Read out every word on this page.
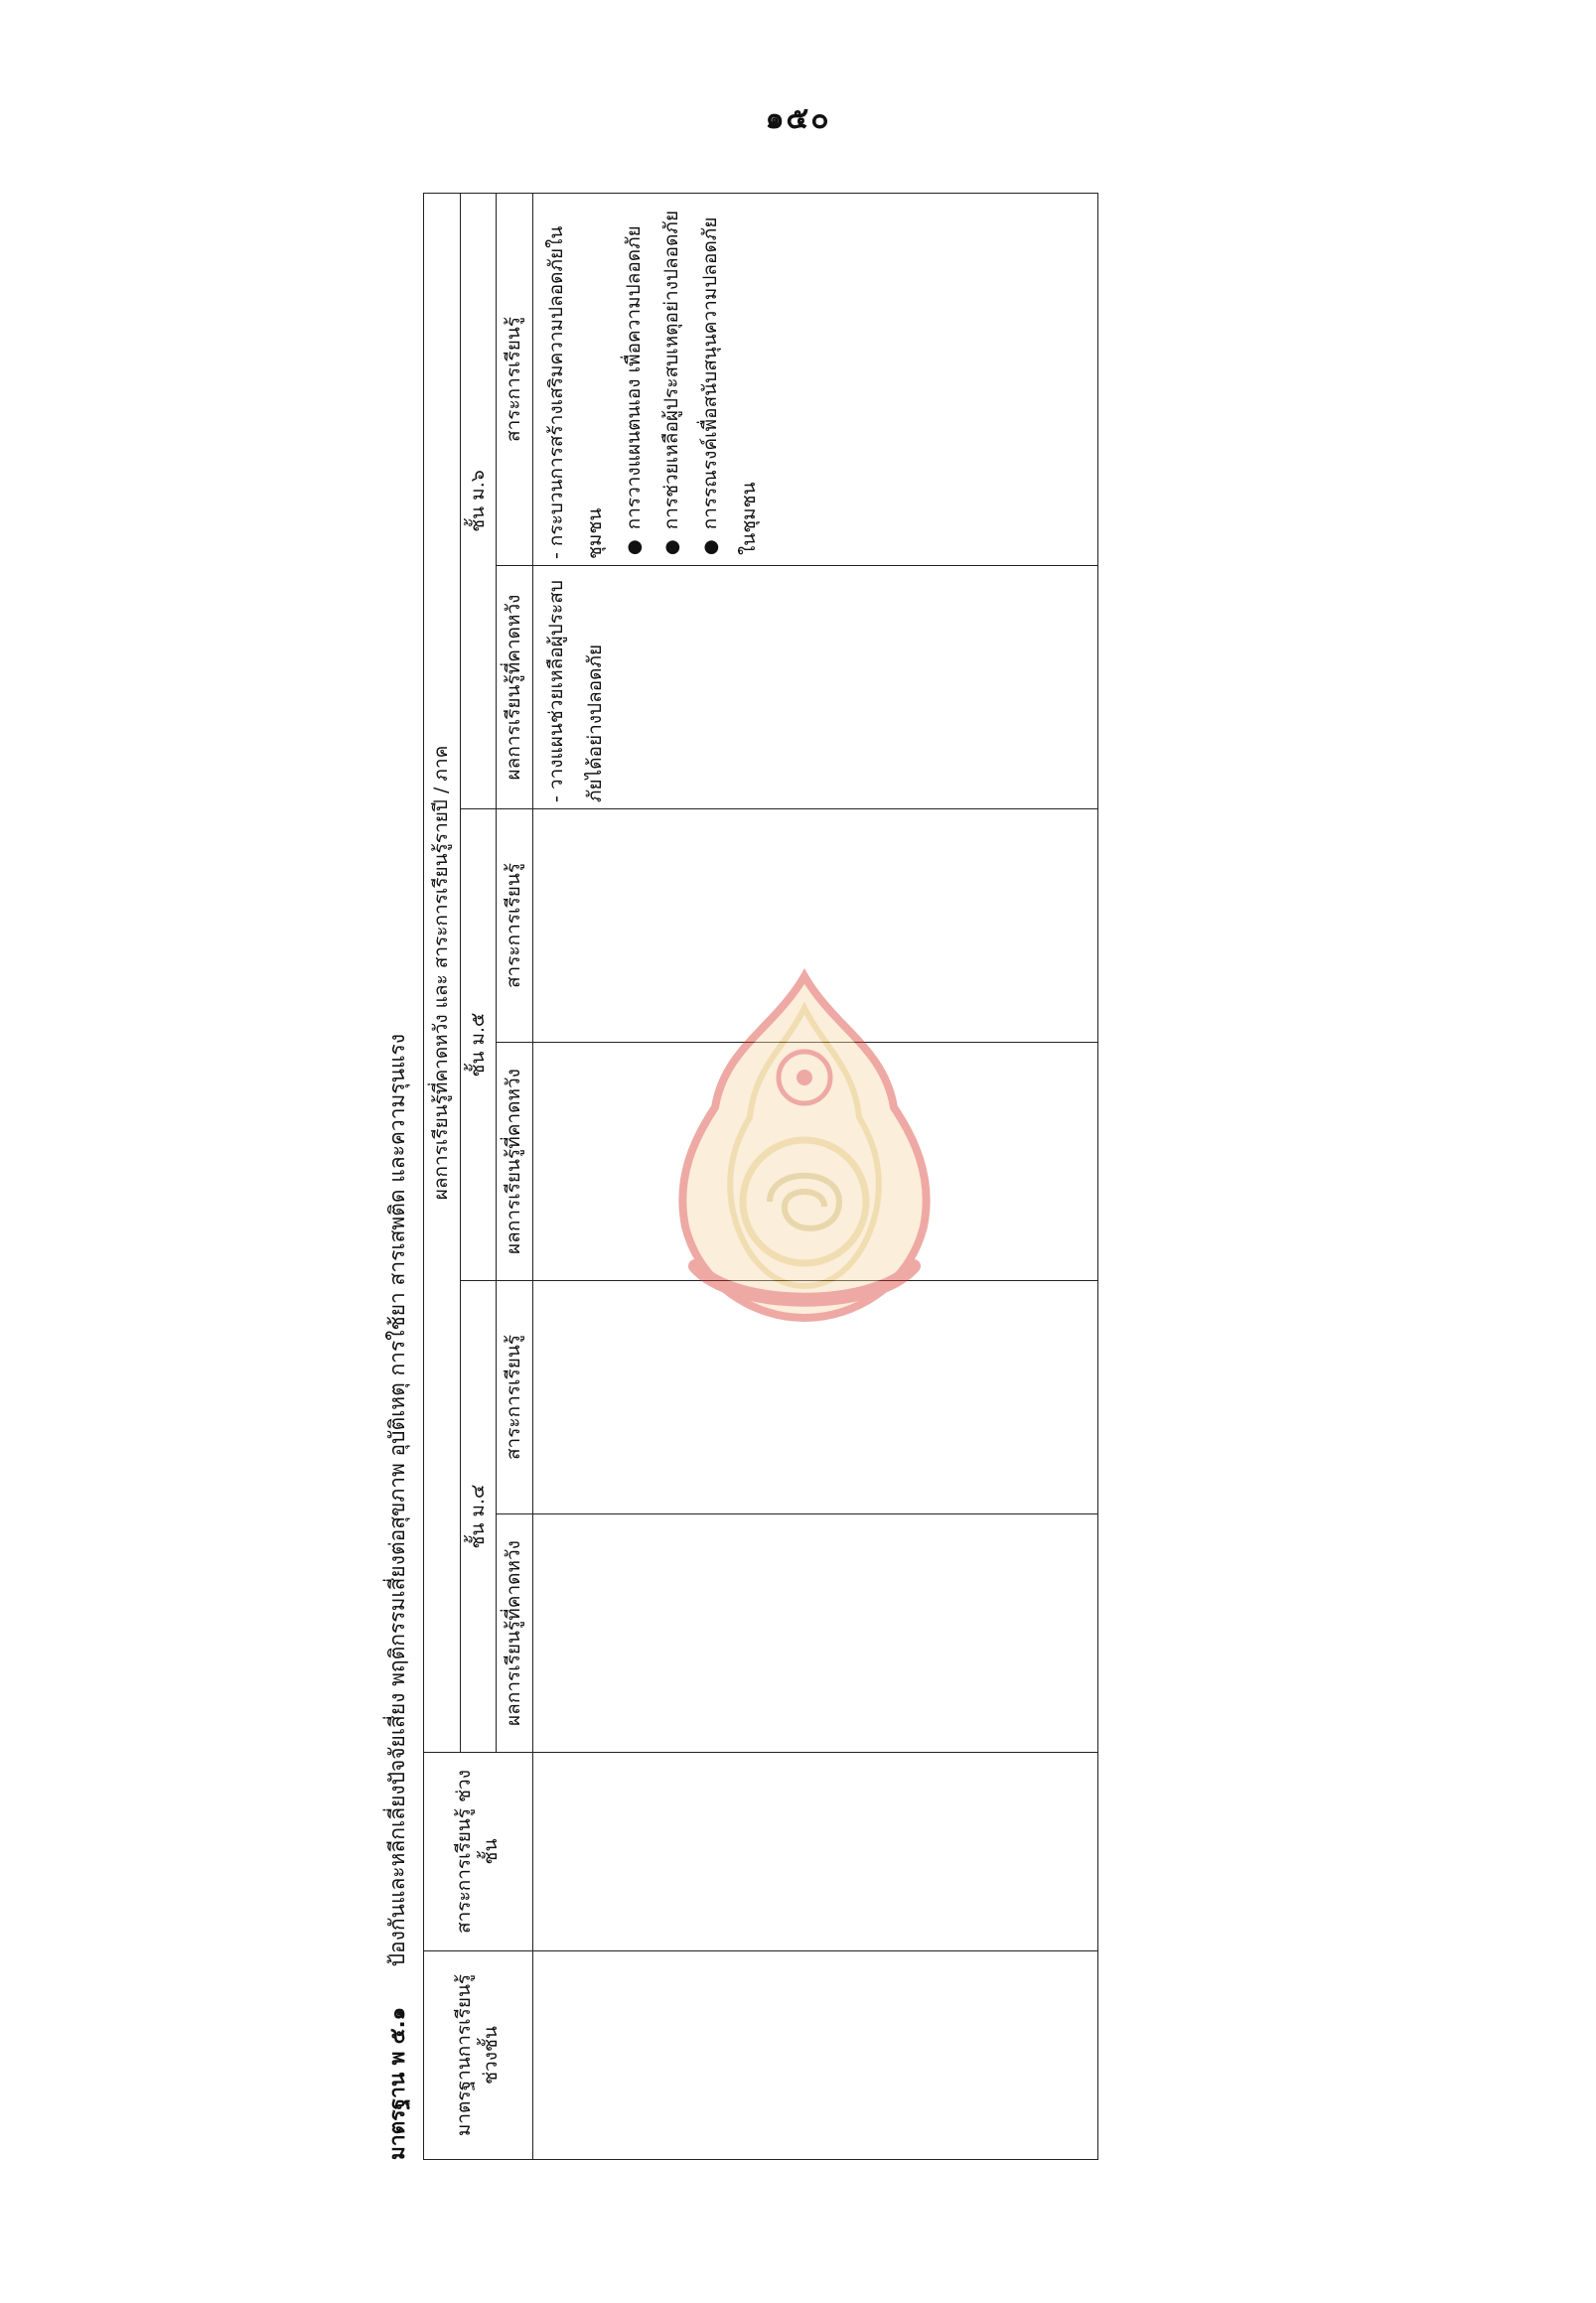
๑๕๐
มาตรฐาน พ ๕.๑ ป้องกันและหลีกเลี่ยงปัจจัยเสี่ยง พฤติกรรมเสี่ยงต่อสุขภาพ อุบัติเหตุ การใช้ยา สารเสพติด และความรุนแรง
มาตรฐานการเรียนรู้ ช่วงชั้น	สาระการเรียนรู้ ช่วงชั้น	ผลการเรียนรู้ที่คาดหวัง และ สาระการเรียนรู้รายปี / ภาค					
		ชั้น ม.๔		ชั้น ม.๕		ชั้น ม.๖	
		ผลการเรียนรู้ที่คาดหวัง	สาระการเรียนรู้	ผลการเรียนรู้ที่คาดหวัง	สาระการเรียนรู้	ผลการเรียนรู้ที่คาดหวัง	สาระการเรียนรู้

						- วางแผนช่วยเหลือผู้ประสบภัยได้อย่างปลอดภัย	- กระบวนการสร้างเสริมความปลอดภัยในชุมชน
● การวางแผนตนเอง เพื่อความปลอดภัย ● การช่วยเหลือผู้ประสบเหตุอย่างปลอดภัย ● การรณรงค์เพื่อสนับสนุนความปลอดภัยในชุมชน
